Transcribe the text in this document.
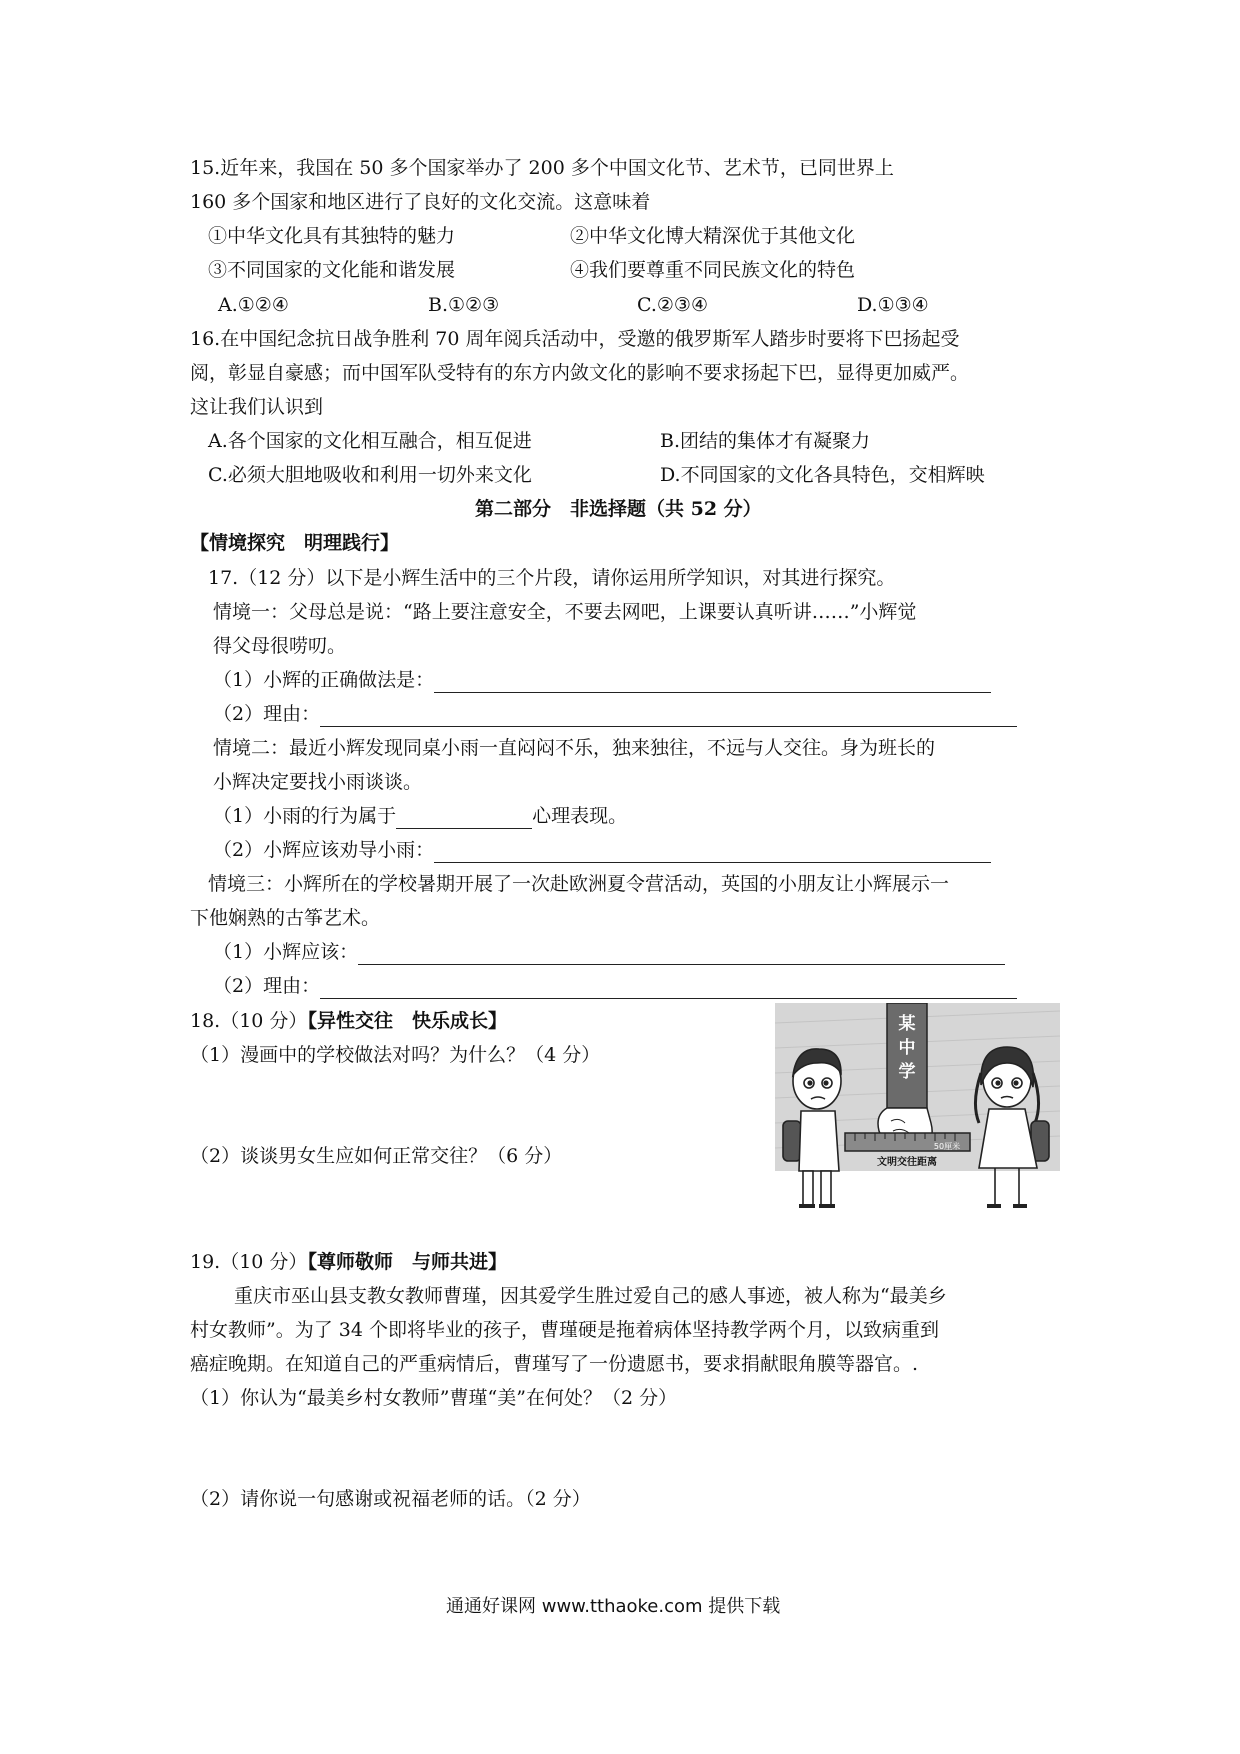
15.近年来，我国在 50 多个国家举办了 200 多个中国文化节、艺术节，已同世界上
160 多个国家和地区进行了良好的文化交流。这意味着
①中华文化具有其独特的魅力	②中华文化博大精深优于其他文化
③不同国家的文化能和谐发展	④我们要尊重不同民族文化的特色
A.①②④	B.①②③	C.②③④	D.①③④
16.在中国纪念抗日战争胜利 70 周年阅兵活动中，受邀的俄罗斯军人踏步时要将下巴扬起受
阅，彰显自豪感；而中国军队受特有的东方内敛文化的影响不要求扬起下巴，显得更加威严。
这让我们认识到
A.各个国家的文化相互融合，相互促进	B.团结的集体才有凝聚力
C.必须大胆地吸收和利用一切外来文化	D.不同国家的文化各具特色，交相辉映
第二部分　非选择题（共 52 分）
【情境探究　明理践行】
17.（12 分）以下是小辉生活中的三个片段，请你运用所学知识，对其进行探究。
情境一：父母总是说：“路上要注意安全，不要去网吧，上课要认真听讲……”小辉觉
得父母很唠叨。
（1）小辉的正确做法是：
（2）理由：
情境二：最近小辉发现同桌小雨一直闷闷不乐，独来独往，不远与人交往。身为班长的
小辉决定要找小雨谈谈。
（1）小雨的行为属于	心理表现。
（2）小辉应该劝导小雨：
情境三：小辉所在的学校暑期开展了一次赴欧洲夏令营活动，英国的小朋友让小辉展示一
下他娴熟的古筝艺术。
（1）小辉应该：
（2）理由：
18.（10 分）【异性交往　快乐成长】
（1）漫画中的学校做法对吗？为什么？（4 分）
（2）谈谈男女生应如何正常交往？（6 分）
某
中
学
50厘米
文明交往距离
19.（10 分）【尊师敬师　与师共进】
重庆市巫山县支教女教师曹瑾，因其爱学生胜过爱自己的感人事迹，被人称为“最美乡
村女教师”。为了 34 个即将毕业的孩子，曹瑾硬是拖着病体坚持教学两个月，以致病重到
癌症晚期。在知道自己的严重病情后，曹瑾写了一份遗愿书，要求捐献眼角膜等器官。.
（1）你认为“最美乡村女教师”曹瑾“美”在何处？（2 分）
（2）请你说一句感谢或祝福老师的话。（2 分）
通通好课网 www.tthaoke.com 提供下载
